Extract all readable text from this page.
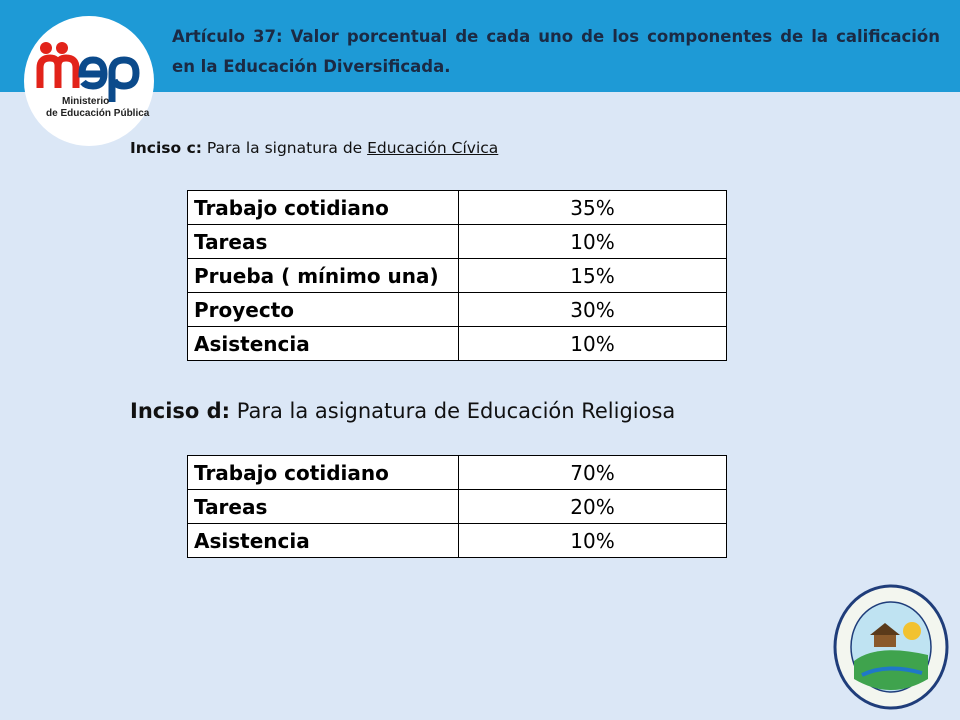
Artículo 37: Valor porcentual de cada uno de los componentes de la calificación en la Educación Diversificada.

Ministerio
de Educación Pública

Inciso c: Para la signatura de Educación Cívica

Trabajo cotidiano	35%
Tareas	10%
Prueba ( mínimo una)	15%
Proyecto	30%
Asistencia	10%

Inciso d: Para la asignatura de Educación Religiosa

Trabajo cotidiano	70%
Tareas	20%
Asistencia	10%
